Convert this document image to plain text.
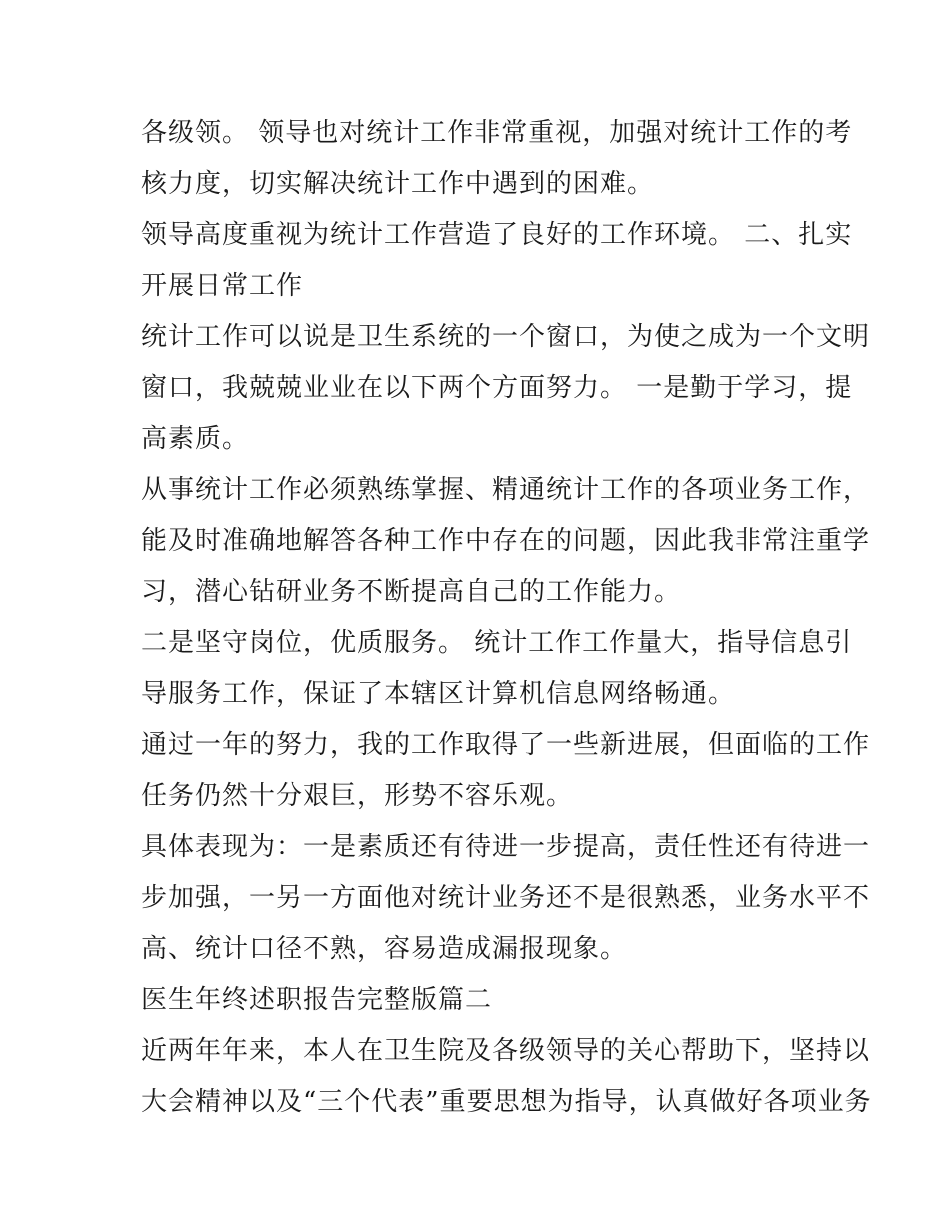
各级领。 领导也对统计工作非常重视，加强对统计工作的考
核力度，切实解决统计工作中遇到的困难。
领导高度重视为统计工作营造了良好的工作环境。 二、扎实
开展日常工作
统计工作可以说是卫生系统的一个窗口，为使之成为一个文明
窗口，我兢兢业业在以下两个方面努力。 一是勤于学习，提
高素质。
从事统计工作必须熟练掌握、精通统计工作的各项业务工作，
能及时准确地解答各种工作中存在的问题，因此我非常注重学
习，潜心钻研业务不断提高自己的工作能力。
二是坚守岗位，优质服务。 统计工作工作量大，指导信息引
导服务工作，保证了本辖区计算机信息网络畅通。
通过一年的努力，我的工作取得了一些新进展，但面临的工作
任务仍然十分艰巨，形势不容乐观。
具体表现为：一是素质还有待进一步提高，责任性还有待进一
步加强，一另一方面他对统计业务还不是很熟悉，业务水平不
高、统计口径不熟，容易造成漏报现象。
医生年终述职报告完整版篇二
近两年年来，本人在卫生院及各级领导的关心帮助下，坚持以
大会精神以及“三个代表”重要思想为指导，认真做好各项业务
